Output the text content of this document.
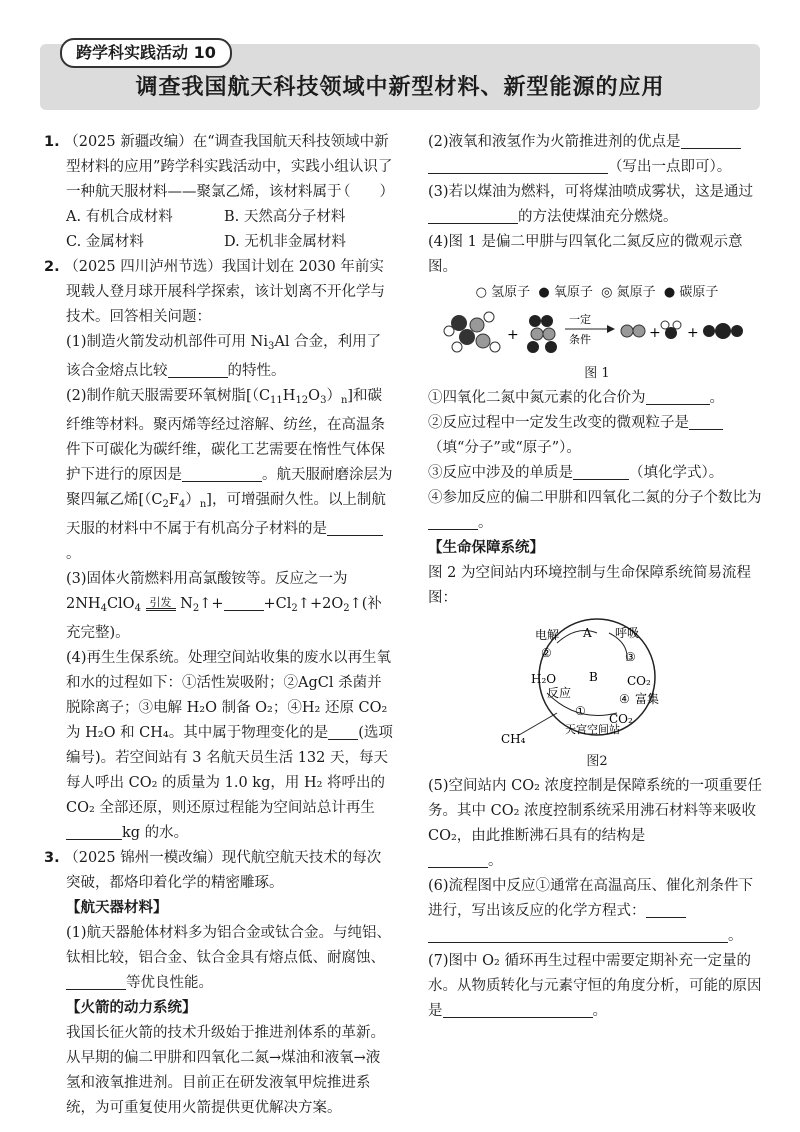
跨学科实践活动 10
调查我国航天科技领域中新型材料、新型能源的应用

1. （2025 新疆改编）在“调查我国航天科技领域中新型材料的应用”跨学科实践活动中，实践小组认识了一种航天服材料——聚氯乙烯，该材料属于
（　　）

A. 有机合成材料	B. 天然高分子材料

C. 金属材料	D. 无机非金属材料

2. （2025 四川泸州节选）我国计划在 2030 年前实现载人登月球开展科学探索，该计划离不开化学与技术。回答相关问题：

(1)制造火箭发动机部件可用 $Ni_3Al$ 合金，利用了该合金熔点比较	的特性。

(2)制作航天服需要环氧树脂$[(C_{11}H_{12}O_3)_n]$和碳纤维等材料。聚丙烯等经过溶解、纺丝，在高温条件下可碳化为碳纤维，碳化工艺需要在惰性气体保护下进行的原因是	。航天服耐磨涂层为聚四氟乙烯$[(C_2F_4)_n]$，可增强耐久性。以上制航天服的材料中不属于有机高分子材料的是。

(3)固体火箭燃料用高氯酸铵等。反应之一为
$2NH_4ClO_4$ 引发 $N_2↑+$	$+Cl_2↑+2O_2↑$(补充完整)。

(4)再生生保系统。处理空间站收集的废水以再生氧和水的过程如下：①活性炭吸附；②AgCl 杀菌并脱除离子；③电解 H₂O 制备 O₂；④H₂ 还原 CO₂ 为 H₂O 和 CH₄。其中属于物理变化的是 (选项编号)。若空间站有 3 名航天员生活 132 天，每天每人呼出 CO₂ 的质量为 1.0 kg，用 H₂ 将呼出的 CO₂ 全部还原，则还原过程能为空间站总计再生kg 的水。

3. （2025 锦州一模改编）现代航空航天技术的每次突破，都烙印着化学的精密雕琢。

【航天器材料】

(1)航天器舱体材料多为铝合金或钛合金。与纯铝、钛相比较，铝合金、钛合金具有熔点低、耐腐蚀、等优良性能。

【火箭的动力系统】

我国长征火箭的技术升级始于推进剂体系的革新。从早期的偏二甲肼和四氧化二氮→煤油和液氧→液氢和液氧推进剂。目前正在研发液氧甲烷推进系统，为可重复使用火箭提供更优解决方案。

(2)液氧和液氢作为火箭推进剂的优点是
（写出一点即可）。

(3)若以煤油为燃料，可将煤油喷成雾状，这是通过的方法使煤油充分燃烧。

(4)图 1 是偏二甲肼与四氧化二氮反应的微观示意图。

○ 氢原子 ● 氧原子 ◎ 氮原子 ● 碳原子

+
一定
条件	+ +

图 1

①四氧化二氮中氮元素的化合价为	。

②反应过程中一定发生改变的微观粒子是（填“分子”或“原子”）。

③反应中涉及的单质是	（填化学式）。

④参加反应的偏二甲肼和四氧化二氮的分子个数比为。

【生命保障系统】

图 2 为空间站内环境控制与生命保障系统简易流程图：

电解 A 呼吸
②	③
H₂O	B CO₂
反应	④ 富集
①
CO₂
天宫空间站
CH₄

图2

(5)空间站内 CO₂ 浓度控制是保障系统的一项重要任务。其中 CO₂ 浓度控制系统采用沸石材料等来吸收 CO₂，由此推断沸石具有的结构是
。

(6)流程图中反应①通常在高温高压、催化剂条件下进行，写出该反应的化学方程式：
。

(7)图中 O₂ 循环再生过程中需要定期补充一定量的水。从物质转化与元素守恒的角度分析，可能的原因是	。
